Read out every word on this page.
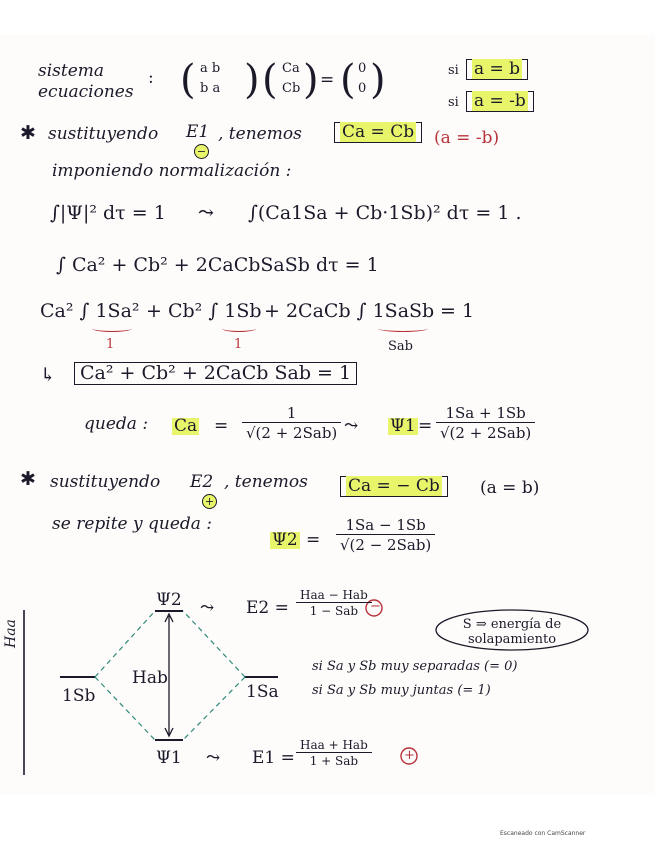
sistema
ecuaciones
: ( a b
b a ) ( Ca
Cb ) = ( 0
0 )	si a = b
si a = -b
✱ sustituyendo E1
−
, tenemos	Ca = Cb	(a = -b)
imponiendo normalización :
∫|Ψ|² dτ = 1 ⤳ ∫(Ca1Sa + Cb·1Sb)² dτ = 1 .
∫ Ca² + Cb² + 2CaCbSaSb dτ = 1
Ca² ∫ 1Sa² + Cb² ∫ 1Sb + 2CaCb ∫ 1SaSb = 1
1	1	Sab
↳	Ca² + Cb² + 2CaCb Sab = 1
queda : Ca =
1
√(2 + 2Sab) ⤳ Ψ1 =
1Sa + 1Sb
√(2 + 2Sab)
✱ sustituyendo E2
+
, tenemos	Ca = − Cb	(a = b)
se repite y queda :
Ψ2 =
1Sa − 1Sb
√(2 − 2Sab)
Ψ2 ⤳ E2 =
Haa − Hab
1 − Sab −
S ⇒ energía de solapamiento
Haa
1Sb
Hab
1Sa
si Sa y Sb muy separadas (= 0)
si Sa y Sb muy juntas (= 1)
Ψ1 ⤳ E1 =
Haa + Hab
1 + Sab	+
Escaneado con CamScanner
